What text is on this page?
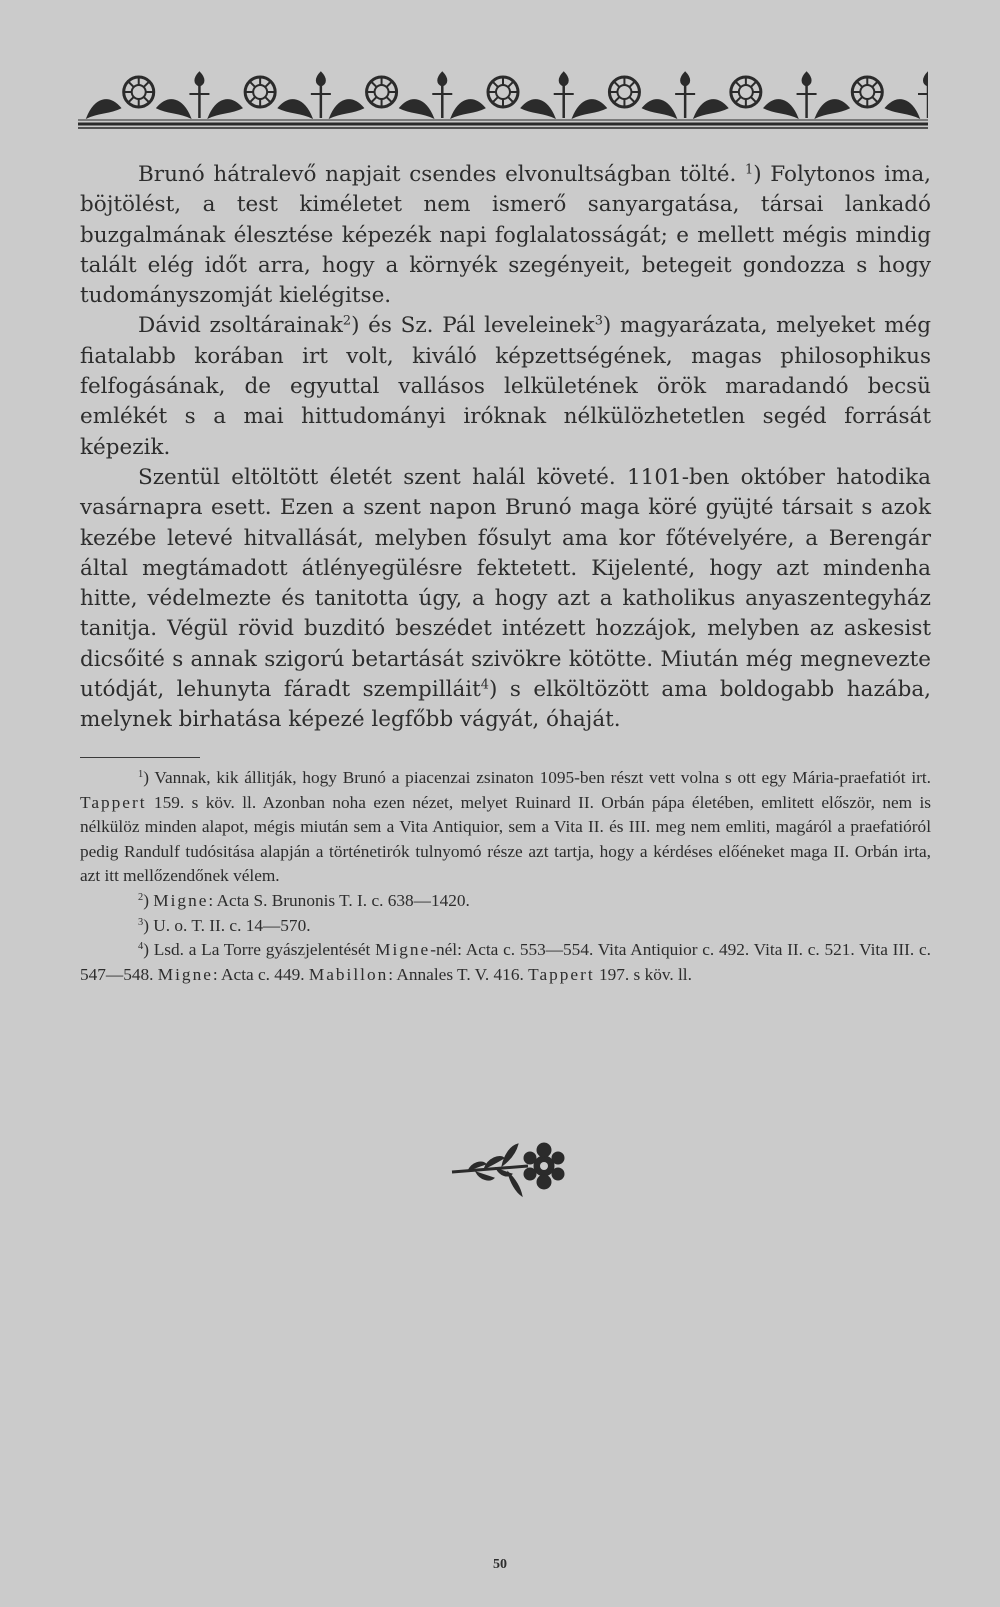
Brunó hátralevő napjait csendes elvonultságban tölté. $^1$) Folytonos ima, böjtölést, a test kiméletet nem ismerő sanyargatása, társai lankadó buzgalmának élesztése képezék napi foglalatosságát; e mellett mégis mindig talált elég időt arra, hogy a környék szegényeit, betegeit gondozza s hogy tudományszomját kielégitse.

Dávid zsoltárainak$^2$) és Sz. Pál leveleinek$^3$) magyarázata, melyeket még fiatalabb korában irt volt, kiváló képzettségének, magas philosophikus felfogásának, de egyuttal vallásos lelkületének örök maradandó becsü emlékét s a mai hittudományi iróknak nélkülözhetetlen segéd forrását képezik.

Szentül eltöltött életét szent halál követé. 1101-ben október hatodika vasárnapra esett. Ezen a szent napon Brunó maga köré gyüjté társait s azok kezébe letevé hitvallását, melyben fősulyt ama kor főtévelyére, a Berengár által megtámadott átlényegülésre fektetett. Kijelenté, hogy azt mindenha hitte, védelmezte és tanitotta úgy, a hogy azt a katholikus anyaszentegyház tanitja. Végül rövid buzditó beszédet intézett hozzájok, melyben az askesist dicsőité s annak szigorú betartását szivökre kötötte. Miután még megnevezte utódját, lehunyta fáradt szempilláit$^4$) s elköltözött ama boldogabb hazába, melynek birhatása képezé legfőbb vágyát, óhaját.

$^1$) Vannak, kik állitják, hogy Brunó a piacenzai zsinaton 1095-ben részt vett volna s ott egy Mária-praefatiót irt. Tappert 159. s köv. ll. Azonban noha ezen nézet, melyet Ruinard II. Orbán pápa életében, emlitett először, nem is nélkülöz minden alapot, mégis miután sem a Vita Antiquior, sem a Vita II. és III. meg nem emliti, magáról a praefatióról pedig Randulf tudósitása alapján a történetirók tulnyomó része azt tartja, hogy a kérdéses előéneket maga II. Orbán irta, azt itt mellőzendőnek vélem.

$^2$) Migne: Acta S. Brunonis T. I. c. 638—1420.

$^3$) U. o. T. II. c. 14—570.

$^4$) Lsd. a La Torre gyászjelentését Migne-nél: Acta c. 553—554. Vita Antiquior c. 492. Vita II. c. 521. Vita III. c. 547—548. Migne: Acta c. 449. Mabillon: Annales T. V. 416. Tappert 197. s köv. ll.

50
